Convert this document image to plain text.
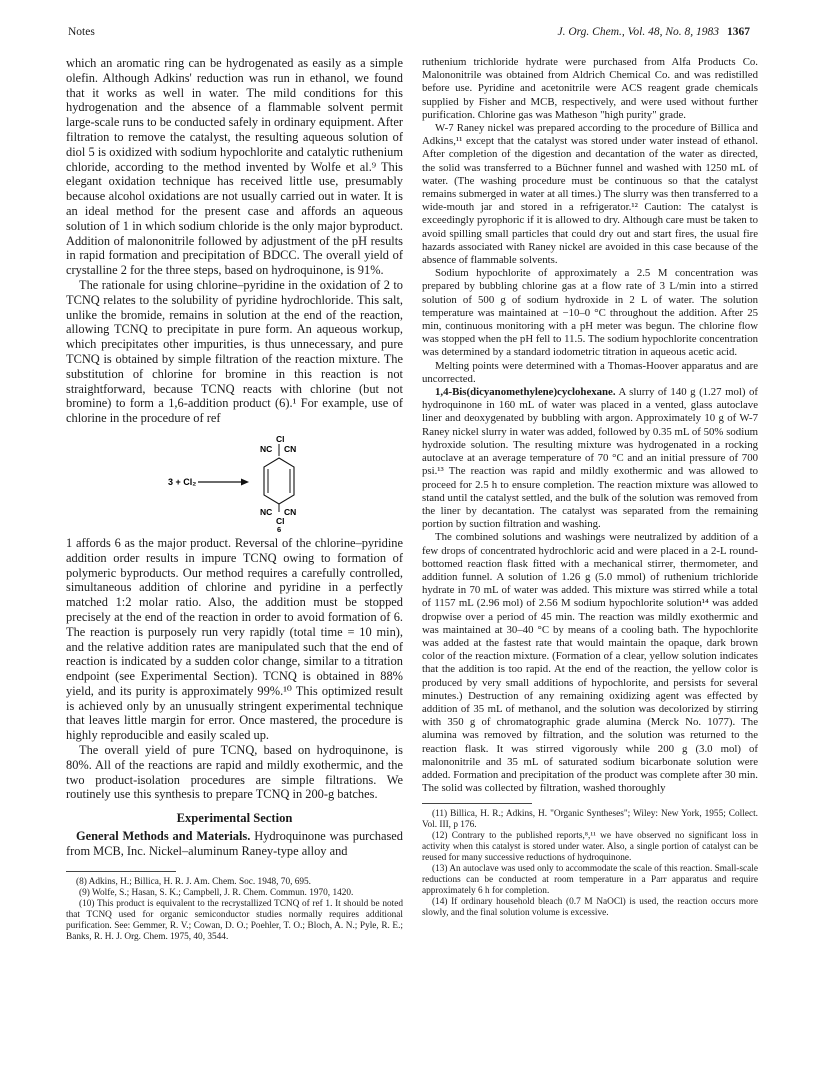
Notes	J. Org. Chem., Vol. 48, No. 8, 1983 1367

which an aromatic ring can be hydrogenated as easily as a simple olefin. Although Adkins' reduction was run in ethanol, we found that it works as well in water. The mild conditions for this hydrogenation and the absence of a flammable solvent permit large-scale runs to be conducted safely in ordinary equipment. After filtration to remove the catalyst, the resulting aqueous solution of diol 5 is oxidized with sodium hypochlorite and catalytic ruthenium chloride, according to the method invented by Wolfe et al.⁹ This elegant oxidation technique has received little use, presumably because alcohol oxidations are not usually carried out in water. It is an ideal method for the present case and affords an aqueous solution of 1 in which sodium chloride is the only major byproduct. Addition of malononitrile followed by adjustment of the pH results in rapid formation and precipitation of BDCC. The overall yield of crystalline 2 for the three steps, based on hydroquinone, is 91%.

The rationale for using chlorine–pyridine in the oxidation of 2 to TCNQ relates to the solubility of pyridine hydrochloride. This salt, unlike the bromide, remains in solution at the end of the reaction, allowing TCNQ to precipitate in pure form. An aqueous workup, which precipitates other impurities, is thus unnecessary, and pure TCNQ is obtained by simple filtration of the reaction mixture. The substitution of chlorine for bromine in this reaction is not straightforward, because TCNQ reacts with chlorine (but not bromine) to form a 1,6-addition product (6).¹ For example, use of chlorine in the procedure of ref

3 + Cl₂
Cl
NC CN
NC CN
Cl
6

1 affords 6 as the major product. Reversal of the chlorine–pyridine addition order results in impure TCNQ owing to formation of polymeric byproducts. Our method requires a carefully controlled, simultaneous addition of chlorine and pyridine in a perfectly matched 1:2 molar ratio. Also, the addition must be stopped precisely at the end of the reaction in order to avoid formation of 6. The reaction is purposely run very rapidly (total time = 10 min), and the relative addition rates are manipulated such that the end of reaction is indicated by a sudden color change, similar to a titration endpoint (see Experimental Section). TCNQ is obtained in 88% yield, and its purity is approximately 99%.¹⁰ This optimized result is achieved only by an unusually stringent experimental technique that leaves little margin for error. Once mastered, the procedure is highly reproducible and easily scaled up.

The overall yield of pure TCNQ, based on hydroquinone, is 80%. All of the reactions are rapid and mildly exothermic, and the two product-isolation procedures are simple filtrations. We routinely use this synthesis to prepare TCNQ in 200-g batches.

Experimental Section

General Methods and Materials. Hydroquinone was purchased from MCB, Inc. Nickel–aluminum Raney-type alloy and

(8) Adkins, H.; Billica, H. R. J. Am. Chem. Soc. 1948, 70, 695.

(9) Wolfe, S.; Hasan, S. K.; Campbell, J. R. Chem. Commun. 1970, 1420.

(10) This product is equivalent to the recrystallized TCNQ of ref 1. It should be noted that TCNQ used for organic semiconductor studies normally requires additional purification. See: Gemmer, R. V.; Cowan, D. O.; Poehler, T. O.; Bloch, A. N.; Pyle, R. E.; Banks, R. H. J. Org. Chem. 1975, 40, 3544.

ruthenium trichloride hydrate were purchased from Alfa Products Co. Malononitrile was obtained from Aldrich Chemical Co. and was redistilled before use. Pyridine and acetonitrile were ACS reagent grade chemicals supplied by Fisher and MCB, respectively, and were used without further purification. Chlorine gas was Matheson "high purity" grade.

W-7 Raney nickel was prepared according to the procedure of Billica and Adkins,¹¹ except that the catalyst was stored under water instead of ethanol. After completion of the digestion and decantation of the water as directed, the solid was transferred to a Büchner funnel and washed with 1250 mL of water. (The washing procedure must be continuous so that the catalyst remains submerged in water at all times.) The slurry was then transferred to a wide-mouth jar and stored in a refrigerator.¹² Caution: The catalyst is exceedingly pyrophoric if it is allowed to dry. Although care must be taken to avoid spilling small particles that could dry out and start fires, the usual fire hazards associated with Raney nickel are avoided in this case because of the absence of flammable solvents.

Sodium hypochlorite of approximately a 2.5 M concentration was prepared by bubbling chlorine gas at a flow rate of 3 L/min into a stirred solution of 500 g of sodium hydroxide in 2 L of water. The solution temperature was maintained at −10–0 °C throughout the addition. After 25 min, continuous monitoring with a pH meter was begun. The chlorine flow was stopped when the pH fell to 11.5. The sodium hypochlorite concentration was determined by a standard iodometric titration in aqueous acetic acid.

Melting points were determined with a Thomas-Hoover apparatus and are uncorrected.

1,4-Bis(dicyanomethylene)cyclohexane. A slurry of 140 g (1.27 mol) of hydroquinone in 160 mL of water was placed in a vented, glass autoclave liner and deoxygenated by bubbling with argon. Approximately 10 g of W-7 Raney nickel slurry in water was added, followed by 0.35 mL of 50% sodium hydroxide solution. The resulting mixture was hydrogenated in a rocking autoclave at an average temperature of 70 °C and an initial pressure of 700 psi.¹³ The reaction was rapid and mildly exothermic and was allowed to proceed for 2.5 h to ensure completion. The reaction mixture was allowed to stand until the catalyst settled, and the bulk of the solution was removed from the liner by decantation. The catalyst was separated from the remaining portion by suction filtration and washing.

The combined solutions and washings were neutralized by addition of a few drops of concentrated hydrochloric acid and were placed in a 2-L round-bottomed reaction flask fitted with a mechanical stirrer, thermometer, and addition funnel. A solution of 1.26 g (5.0 mmol) of ruthenium trichloride hydrate in 70 mL of water was added. This mixture was stirred while a total of 1157 mL (2.96 mol) of 2.56 M sodium hypochlorite solution¹⁴ was added dropwise over a period of 45 min. The reaction was mildly exothermic and was maintained at 30–40 °C by means of a cooling bath. The hypochlorite was added at the fastest rate that would maintain the opaque, dark brown color of the reaction mixture. (Formation of a clear, yellow solution indicates that the addition is too rapid. At the end of the reaction, the yellow color is produced by very small additions of hypochlorite, and persists for several minutes.) Destruction of any remaining oxidizing agent was effected by addition of 35 mL of methanol, and the solution was decolorized by stirring with 350 g of chromatographic grade alumina (Merck No. 1077). The alumina was removed by filtration, and the solution was returned to the reaction flask. It was stirred vigorously while 200 g (3.0 mol) of malononitrile and 35 mL of saturated sodium bicarbonate solution were added. Formation and precipitation of the product was complete after 30 min. The solid was collected by filtration, washed thoroughly

(11) Billica, H. R.; Adkins, H. "Organic Syntheses"; Wiley: New York, 1955; Collect. Vol. III, p 176.

(12) Contrary to the published reports,⁸,¹¹ we have observed no significant loss in activity when this catalyst is stored under water. Also, a single portion of catalyst can be reused for many successive reductions of hydroquinone.

(13) An autoclave was used only to accommodate the scale of this reaction. Small-scale reductions can be conducted at room temperature in a Parr apparatus and require approximately 6 h for completion.

(14) If ordinary household bleach (0.7 M NaOCl) is used, the reaction occurs more slowly, and the final solution volume is excessive.
